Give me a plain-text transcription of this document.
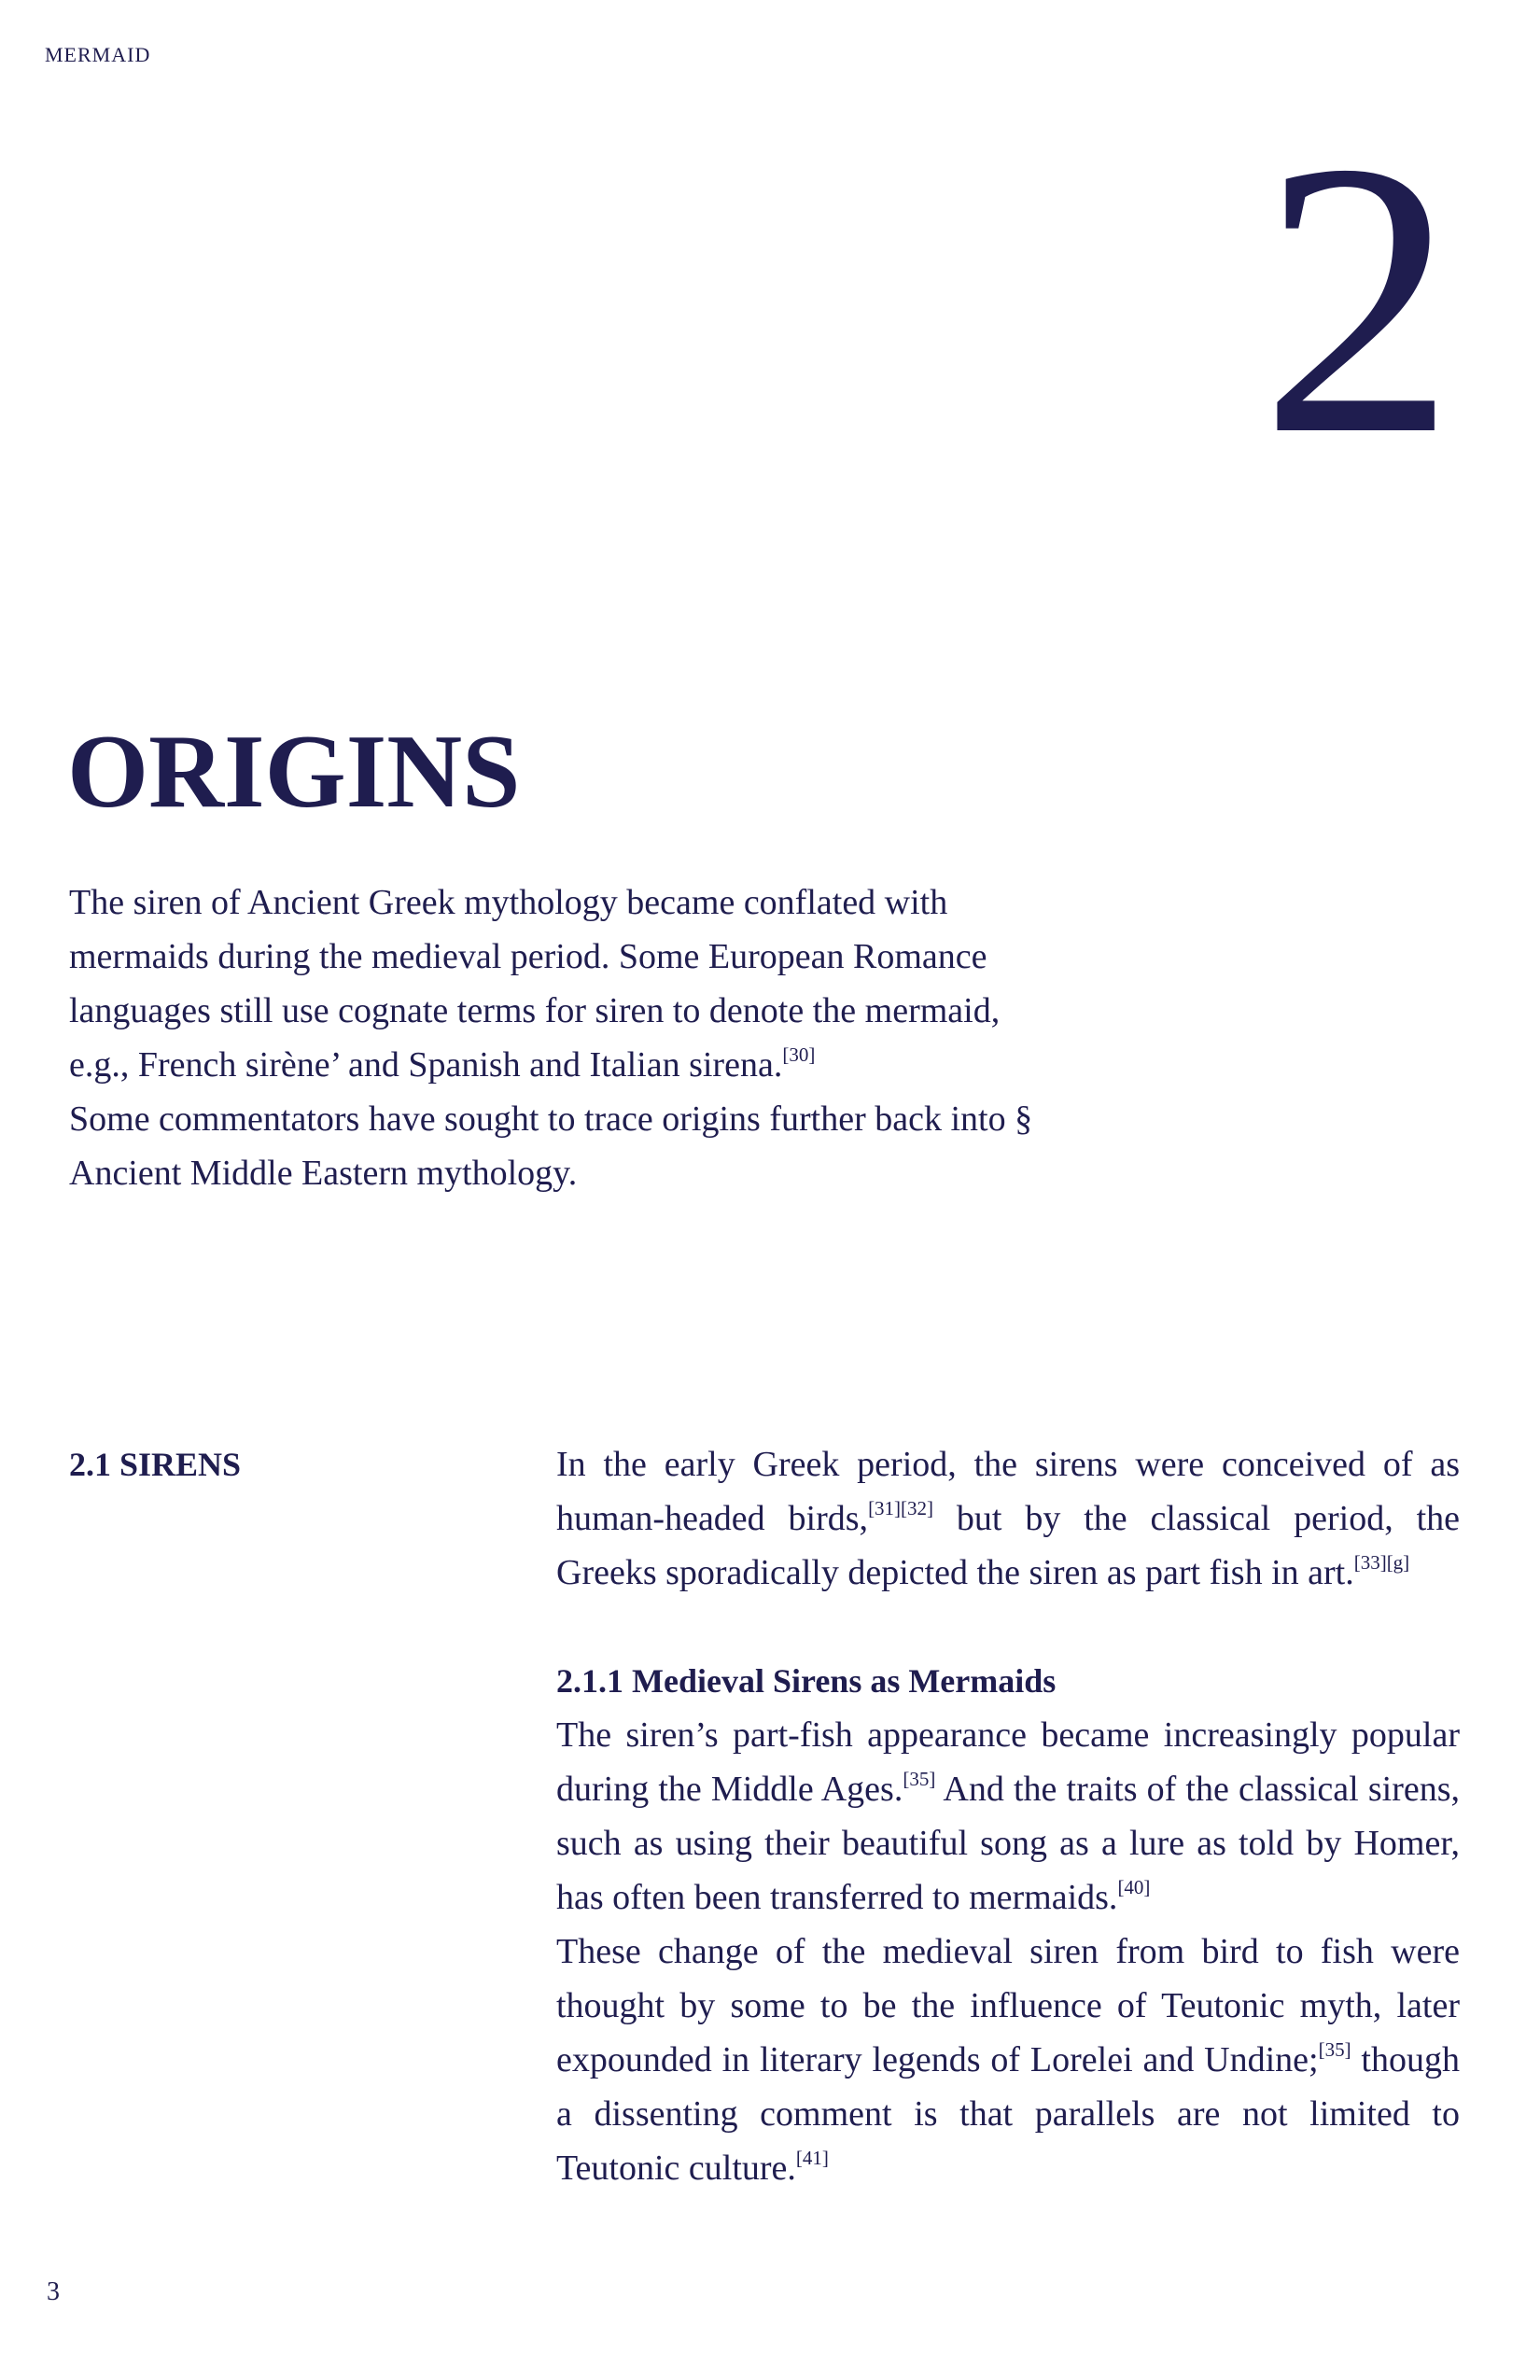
MERMAID
2
ORIGINS

The siren of Ancient Greek mythology became conflated with mermaids during the medieval period. Some European Romance languages still use cognate terms for siren to denote the mermaid, e.g., French sirène’ and Spanish and Italian sirena.[30]

Some commentators have sought to trace origins further back into § Ancient Middle Eastern mythology.

2.1 SIRENS	In the early Greek period, the sirens were conceived of as human-headed birds,[31][32] but by the classical period, the Greeks sporadically depicted the siren as part fish in art.[33][g]

2.1.1 Medieval Sirens as Mermaids

The siren’s part-fish appearance became increasingly popular during the Middle Ages.[35] And the traits of the classical sirens, such as using their beautiful song as a lure as told by Homer, has often been transferred to mermaids.[40]

These change of the medieval siren from bird to fish were thought by some to be the influence of Teutonic myth, later expounded in literary legends of Lorelei and Undine;[35] though a dissenting comment is that parallels are not limited to Teutonic culture.[41]

3
